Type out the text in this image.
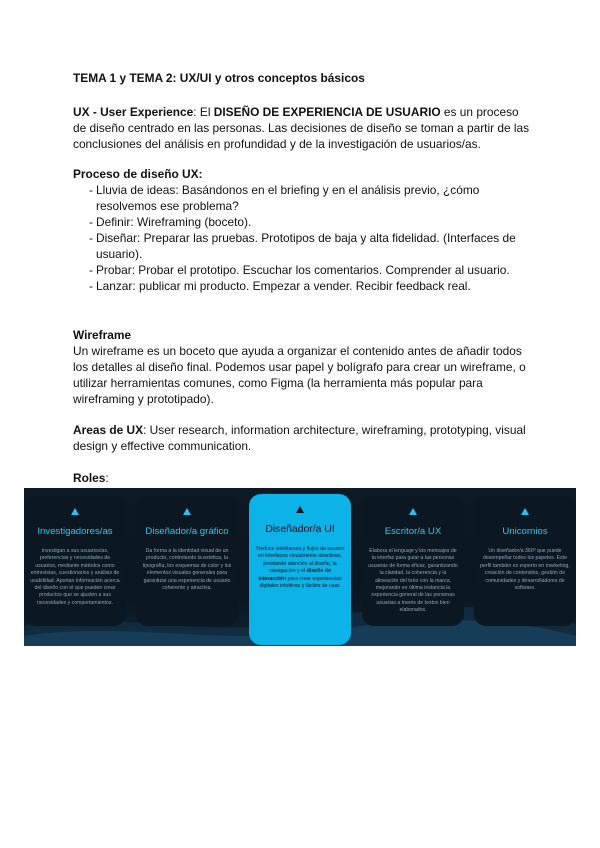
TEMA 1 y TEMA 2: UX/UI y otros conceptos básicos
UX - User Experience: El DISEÑO DE EXPERIENCIA DE USUARIO es un proceso de diseño centrado en las personas. Las decisiones de diseño se toman a partir de las conclusiones del análisis en profundidad y de la investigación de usuarios/as.
Proceso de diseño UX:
- Lluvia de ideas: Basándonos en el briefing y en el análisis previo, ¿cómo resolvemos ese problema?
- Definir: Wireframing (boceto).
- Diseñar: Preparar las pruebas. Prototipos de baja y alta fidelidad. (Interfaces de usuario).
- Probar: Probar el prototipo. Escuchar los comentarios. Comprender al usuario.
- Lanzar: publicar mi producto. Empezar a vender. Recibir feedback real.
Wireframe
Un wireframe es un boceto que ayuda a organizar el contenido antes de añadir todos los detalles al diseño final. Podemos usar papel y bolígrafo para crear un wireframe, o utilizar herramientas comunes, como Figma (la herramienta más popular para wireframing y prototipado).
Areas de UX: User research, information architecture, wireframing, prototyping, visual design y effective communication.
Roles:
Investigadores/as
Investigan a sus usuarios/as, preferencias y necesidades de usuarios, mediante métodos como entrevistas, cuestionarios y análisis de usabilidad. Aportan información acerca del diseño con el que pueden crear productos que se ajusten a sus necesidades y comportamientos.
Diseñador/a gráfico
Da forma a la identidad visual de un producto, controlando la estética, la tipografía, los esquemas de color y los elementos visuales generales para garantizar una experiencia de usuario coherente y atractiva.
Diseñador/a UI
Traduce wireframes y flujos de usuario en interfaces visualmente atractivas, prestando atención al diseño, la navegación y el diseño de interacción para crear experiencias digitales intuitivas y fáciles de usar.
Escritor/a UX
Elabora el lenguaje y los mensajes de la interfaz para guiar a las personas usuarias de forma eficaz, garantizando la claridad, la coherencia y la alineación del tono con la marca, mejorando en última instancia la experiencia general de las personas usuarias a través de textos bien elaborados.
Unicornios
Un diseñador/a 360º que puede desempeñar todos los papeles. Este perfil también es experto en marketing, creación de contenidos, gestión de comunidades y desarrolladores de software.
